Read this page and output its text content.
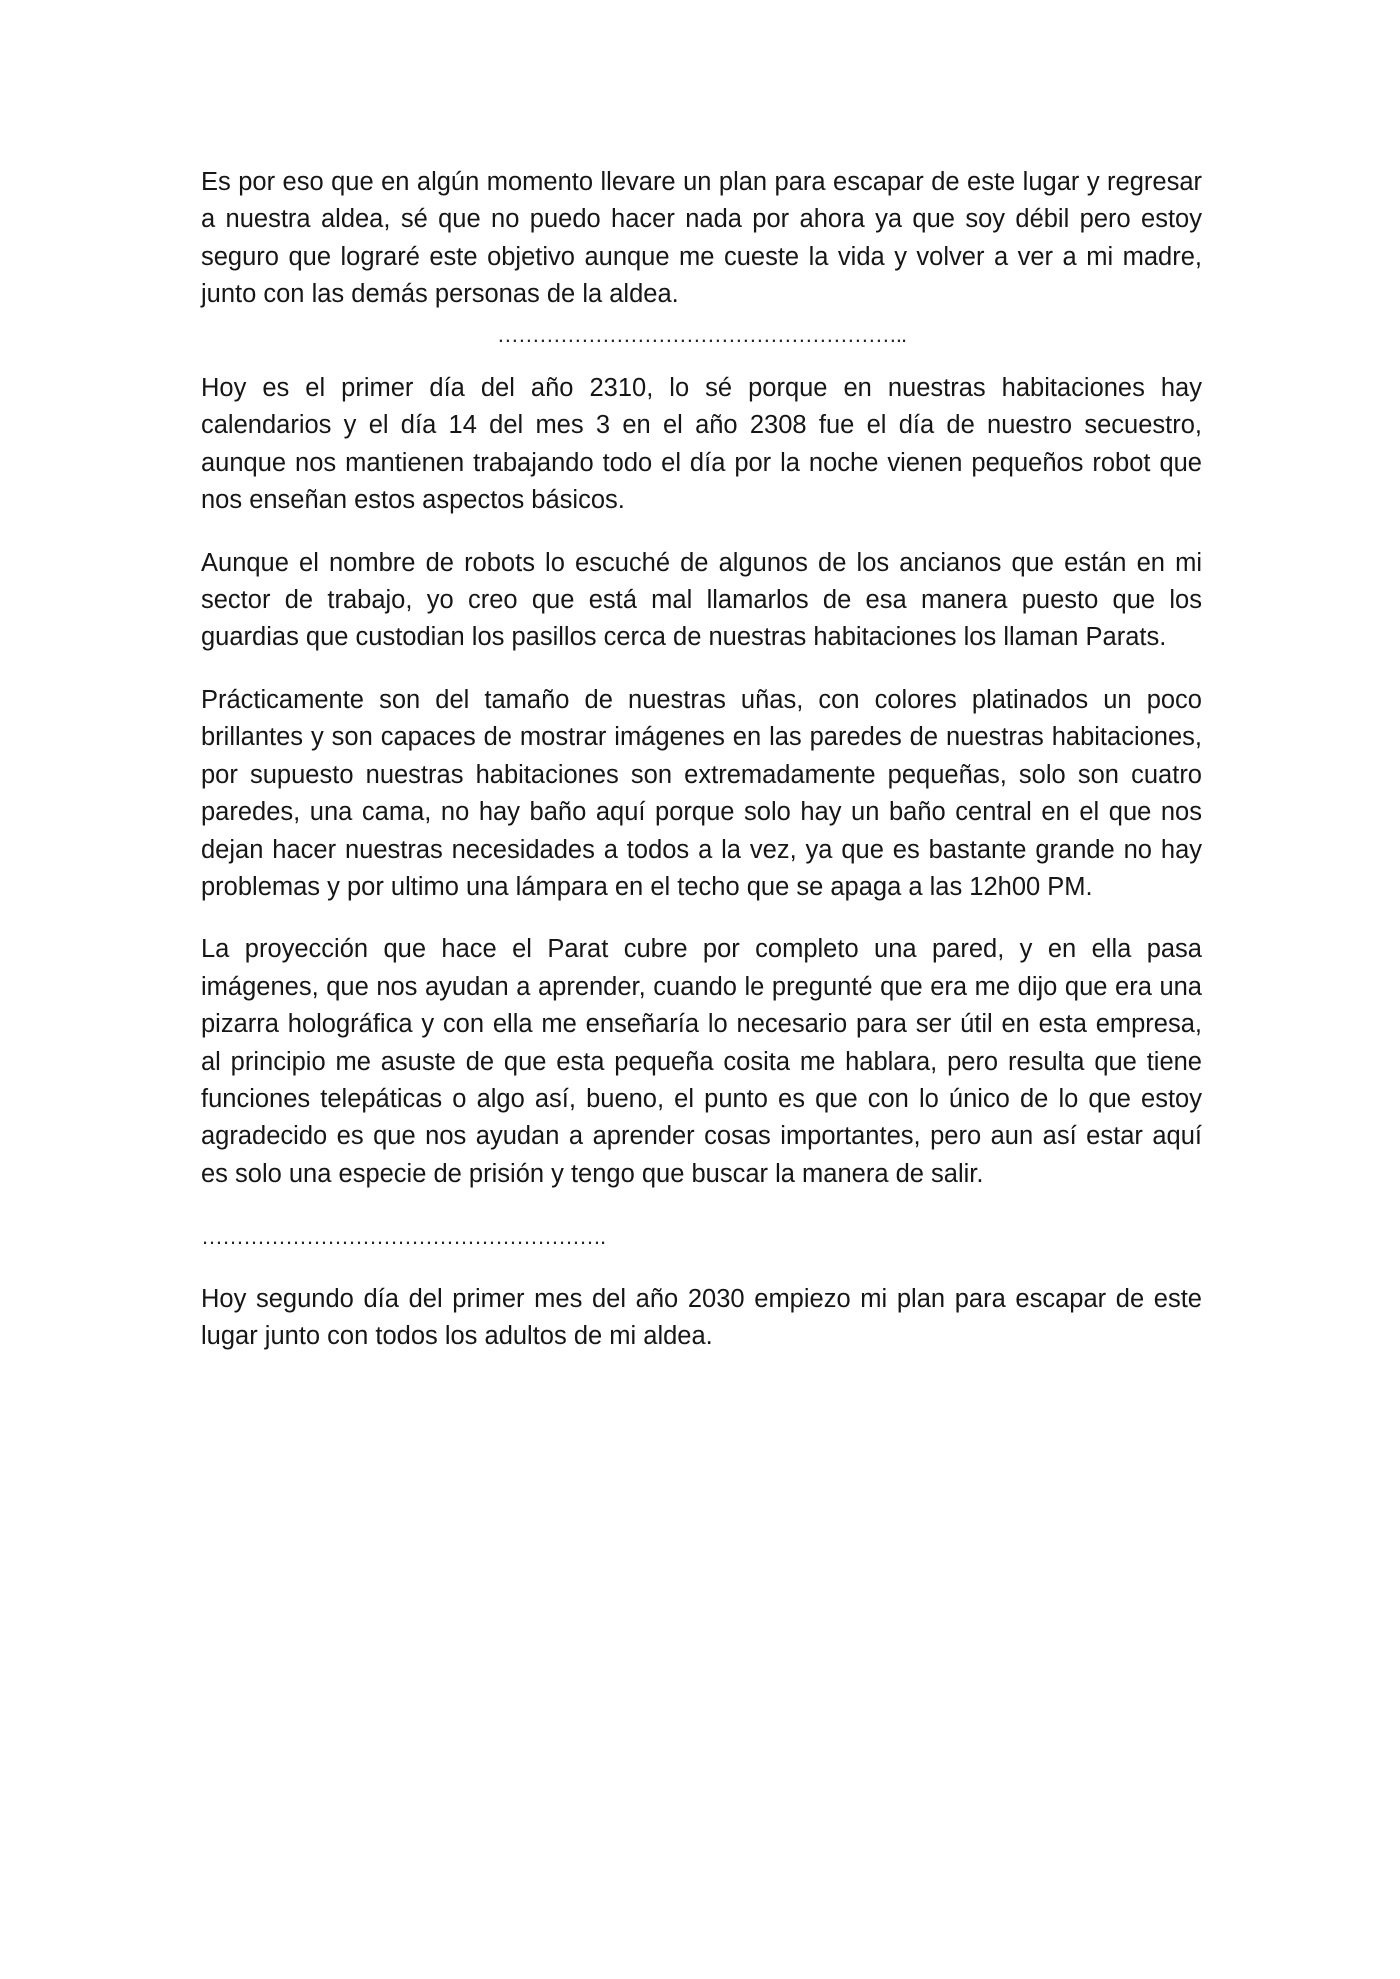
Es por eso que en algún momento llevare un plan para escapar de este lugar y regresar a nuestra aldea, sé que no puedo hacer nada por ahora ya que soy débil pero estoy seguro que lograré este objetivo aunque me cueste la vida y volver a ver a mi madre, junto con las demás personas de la aldea.

…………………………………………………..

Hoy es el primer día del año 2310, lo sé porque en nuestras habitaciones hay calendarios y el día 14 del mes 3 en el año 2308 fue el día de nuestro secuestro, aunque nos mantienen trabajando todo el día por la noche vienen pequeños robot que nos enseñan estos aspectos básicos.

Aunque el nombre de robots lo escuché de algunos de los ancianos que están en mi sector de trabajo, yo creo que está mal llamarlos de esa manera puesto que los guardias que custodian los pasillos cerca de nuestras habitaciones los llaman Parats.

Prácticamente son del tamaño de nuestras uñas, con colores platinados un poco brillantes y son capaces de mostrar imágenes en las paredes de nuestras habitaciones, por supuesto nuestras habitaciones son extremadamente pequeñas, solo son cuatro paredes, una cama, no hay baño aquí porque solo hay un baño central en el que nos dejan hacer nuestras necesidades a todos a la vez, ya que es bastante grande no hay problemas y por ultimo una lámpara en el techo que se apaga a las 12h00 PM.

La proyección que hace el Parat cubre por completo una pared, y en ella pasa imágenes, que nos ayudan a aprender, cuando le pregunté que era me dijo que era una pizarra holográfica y con ella me enseñaría lo necesario para ser útil en esta empresa, al principio me asuste de que esta pequeña cosita me hablara, pero resulta que tiene funciones telepáticas o algo así, bueno, el punto es que con lo único de lo que estoy agradecido es que nos ayudan a aprender cosas importantes, pero aun así estar aquí es solo una especie de prisión y tengo que buscar la manera de salir.

………………………………………………….

Hoy segundo día del primer mes del año 2030 empiezo mi plan para escapar de este lugar junto con todos los adultos de mi aldea.
